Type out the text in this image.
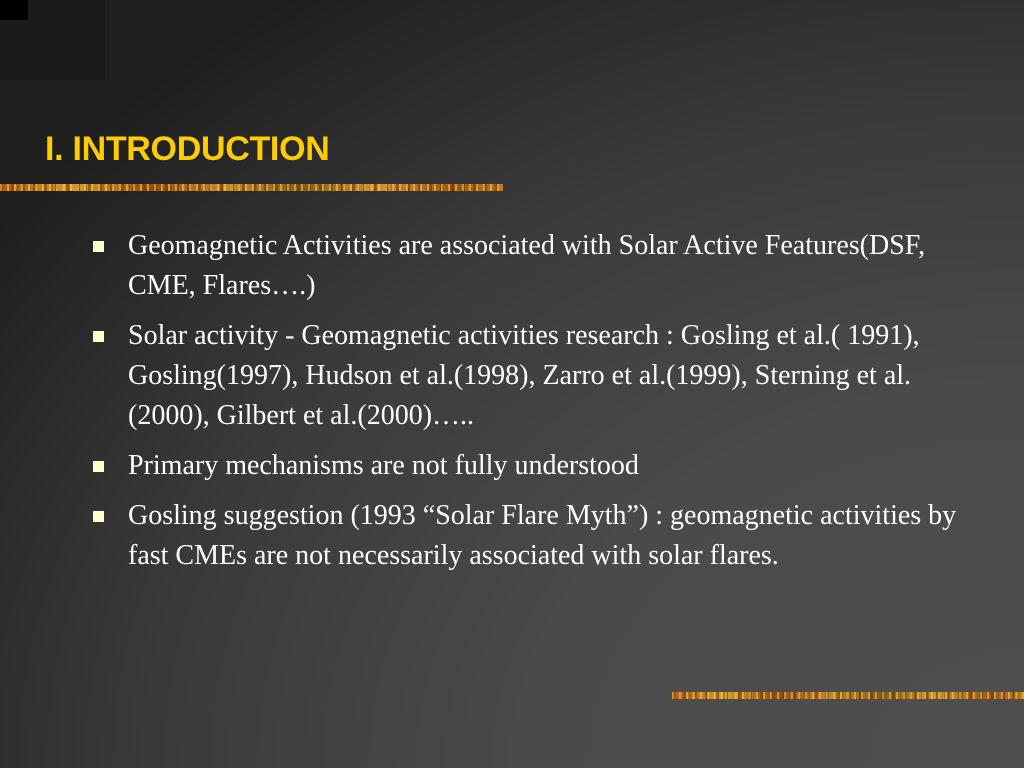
I. INTRODUCTION
Geomagnetic Activities are associated with Solar Active Features(DSF, CME, Flares….)
Solar activity - Geomagnetic activities research : Gosling et al.( 1991), Gosling(1997), Hudson et al.(1998), Zarro et al.(1999), Sterning et al.(2000), Gilbert et al.(2000)…..
Primary mechanisms are not fully understood
Gosling suggestion (1993 “Solar Flare Myth”) : geomagnetic activities by fast CMEs are not necessarily associated with solar flares.
